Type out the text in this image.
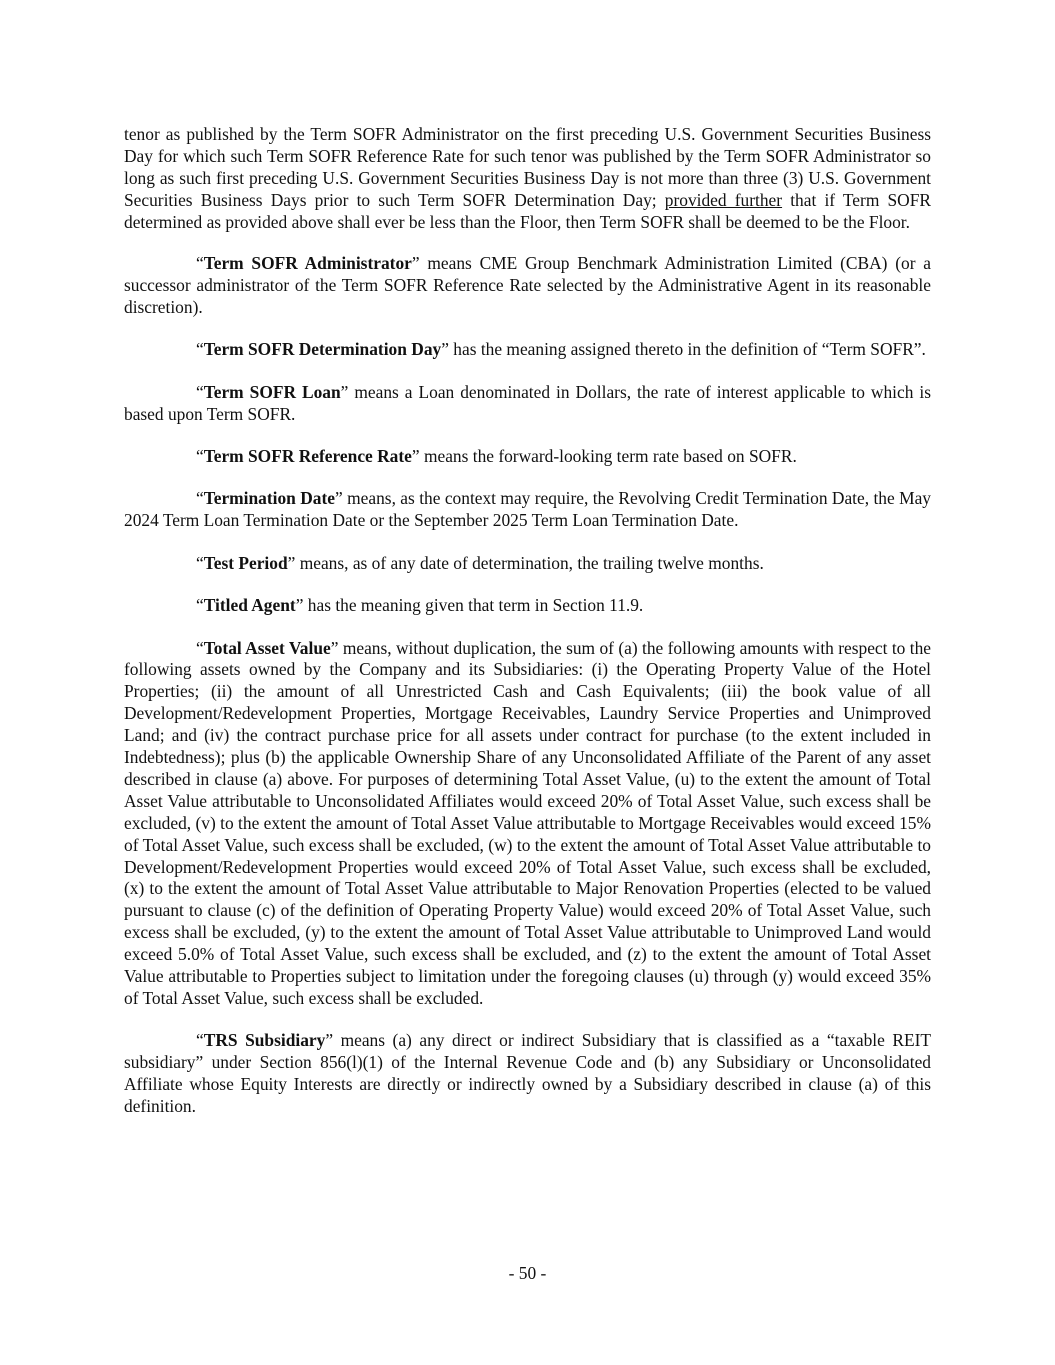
tenor as published by the Term SOFR Administrator on the first preceding U.S. Government Securities Business Day for which such Term SOFR Reference Rate for such tenor was published by the Term SOFR Administrator so long as such first preceding U.S. Government Securities Business Day is not more than three (3) U.S. Government Securities Business Days prior to such Term SOFR Determination Day; provided further that if Term SOFR determined as provided above shall ever be less than the Floor, then Term SOFR shall be deemed to be the Floor.

“Term SOFR Administrator” means CME Group Benchmark Administration Limited (CBA) (or a successor administrator of the Term SOFR Reference Rate selected by the Administrative Agent in its reasonable discretion).

“Term SOFR Determination Day” has the meaning assigned thereto in the definition of “Term SOFR”.

“Term SOFR Loan” means a Loan denominated in Dollars, the rate of interest applicable to which is based upon Term SOFR.

“Term SOFR Reference Rate” means the forward-looking term rate based on SOFR.

“Termination Date” means, as the context may require, the Revolving Credit Termination Date, the May 2024 Term Loan Termination Date or the September 2025 Term Loan Termination Date.

“Test Period” means, as of any date of determination, the trailing twelve months.

“Titled Agent” has the meaning given that term in Section 11.9.

“Total Asset Value” means, without duplication, the sum of (a) the following amounts with respect to the following assets owned by the Company and its Subsidiaries: (i) the Operating Property Value of the Hotel Properties; (ii) the amount of all Unrestricted Cash and Cash Equivalents; (iii) the book value of all Development/Redevelopment Properties, Mortgage Receivables, Laundry Service Properties and Unimproved Land; and (iv) the contract purchase price for all assets under contract for purchase (to the extent included in Indebtedness); plus (b) the applicable Ownership Share of any Unconsolidated Affiliate of the Parent of any asset described in clause (a) above. For purposes of determining Total Asset Value, (u) to the extent the amount of Total Asset Value attributable to Unconsolidated Affiliates would exceed 20% of Total Asset Value, such excess shall be excluded, (v) to the extent the amount of Total Asset Value attributable to Mortgage Receivables would exceed 15% of Total Asset Value, such excess shall be excluded, (w) to the extent the amount of Total Asset Value attributable to Development/Redevelopment Properties would exceed 20% of Total Asset Value, such excess shall be excluded, (x) to the extent the amount of Total Asset Value attributable to Major Renovation Properties (elected to be valued pursuant to clause (c) of the definition of Operating Property Value) would exceed 20% of Total Asset Value, such excess shall be excluded, (y) to the extent the amount of Total Asset Value attributable to Unimproved Land would exceed 5.0% of Total Asset Value, such excess shall be excluded, and (z) to the extent the amount of Total Asset Value attributable to Properties subject to limitation under the foregoing clauses (u) through (y) would exceed 35% of Total Asset Value, such excess shall be excluded.

“TRS Subsidiary” means (a) any direct or indirect Subsidiary that is classified as a “taxable REIT subsidiary” under Section 856(l)(1) of the Internal Revenue Code and (b) any Subsidiary or Unconsolidated Affiliate whose Equity Interests are directly or indirectly owned by a Subsidiary described in clause (a) of this definition.

- 50 -
